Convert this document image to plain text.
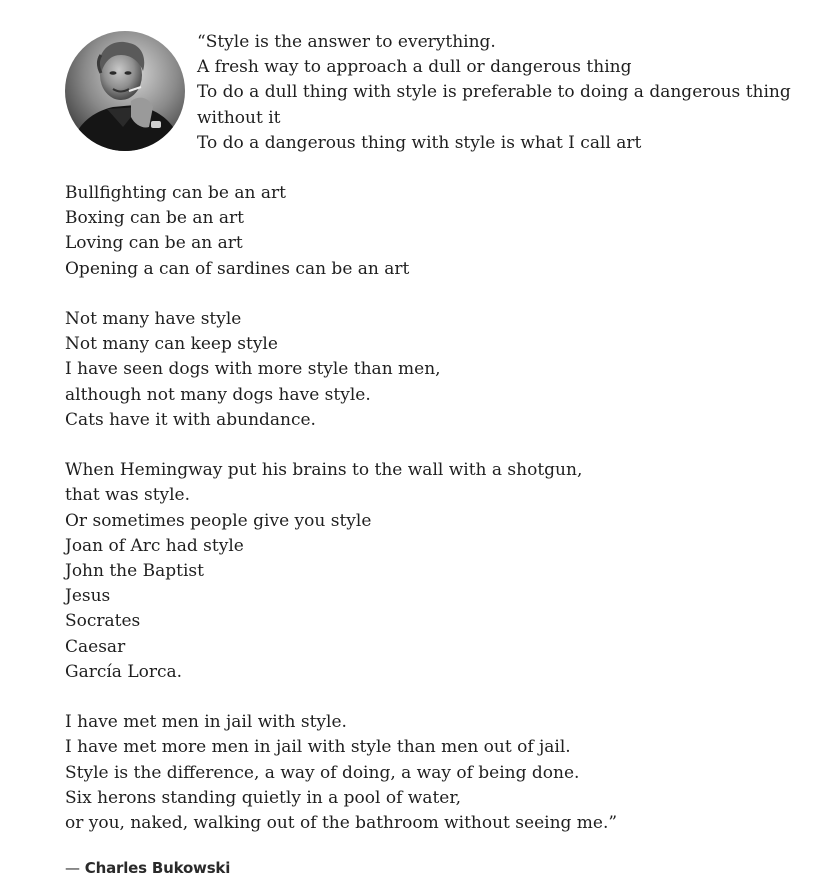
“Style is the answer to everything.
A fresh way to approach a dull or dangerous thing
To do a dull thing with style is preferable to doing a dangerous thing
without it
To do a dangerous thing with style is what I call art
Bullfighting can be an art
Boxing can be an art
Loving can be an art
Opening a can of sardines can be an art
Not many have style
Not many can keep style
I have seen dogs with more style than men,
although not many dogs have style.
Cats have it with abundance.
When Hemingway put his brains to the wall with a shotgun,
that was style.
Or sometimes people give you style
Joan of Arc had style
John the Baptist
Jesus
Socrates
Caesar
García Lorca.
I have met men in jail with style.
I have met more men in jail with style than men out of jail.
Style is the difference, a way of doing, a way of being done.
Six herons standing quietly in a pool of water,
or you, naked, walking out of the bathroom without seeing me.”
— Charles Bukowski
